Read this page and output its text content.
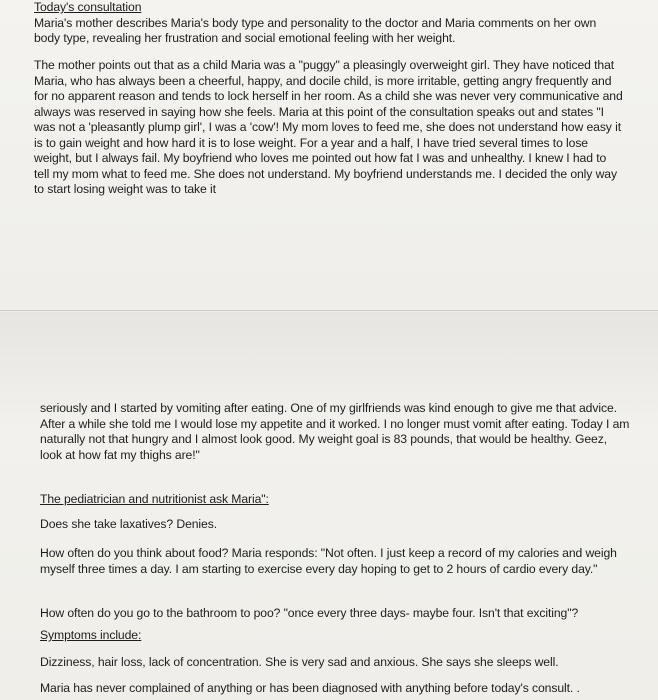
Today's consultation

Maria's mother describes Maria's body type and personality to the doctor and Maria comments on her own body type, revealing her frustration and social emotional feeling with her weight.

The mother points out that as a child Maria was a "puggy" a pleasingly overweight girl. They have noticed that Maria, who has always been a cheerful, happy, and docile child, is more irritable, getting angry frequently and for no apparent reason and tends to lock herself in her room. As a child she was never very communicative and always was reserved in saying how she feels. Maria at this point of the consultation speaks out and states "I was not a 'pleasantly plump girl', I was a 'cow'! My mom loves to feed me, she does not understand how easy it is to gain weight and how hard it is to lose weight. For a year and a half, I have tried several times to lose weight, but I always fail. My boyfriend who loves me pointed out how fat I was and unhealthy. I knew I had to tell my mom what to feed me. She does not understand. My boyfriend understands me. I decided the only way to start losing weight was to take it

seriously and I started by vomiting after eating. One of my girlfriends was kind enough to give me that advice. After a while she told me I would lose my appetite and it worked. I no longer must vomit after eating. Today I am naturally not that hungry and I almost look good. My weight goal is 83 pounds, that would be healthy. Geez, look at how fat my thighs are!"

The pediatrician and nutritionist ask Maria":

Does she take laxatives? Denies.

How often do you think about food? Maria responds: "Not often. I just keep a record of my calories and weigh myself three times a day. I am starting to exercise every day hoping to get to 2 hours of cardio every day."

How often do you go to the bathroom to poo? "once every three days- maybe four. Isn't that exciting"?

Symptoms include:

Dizziness, hair loss, lack of concentration. She is very sad and anxious. She says she sleeps well.

Maria has never complained of anything or has been diagnosed with anything before today's consult. .
